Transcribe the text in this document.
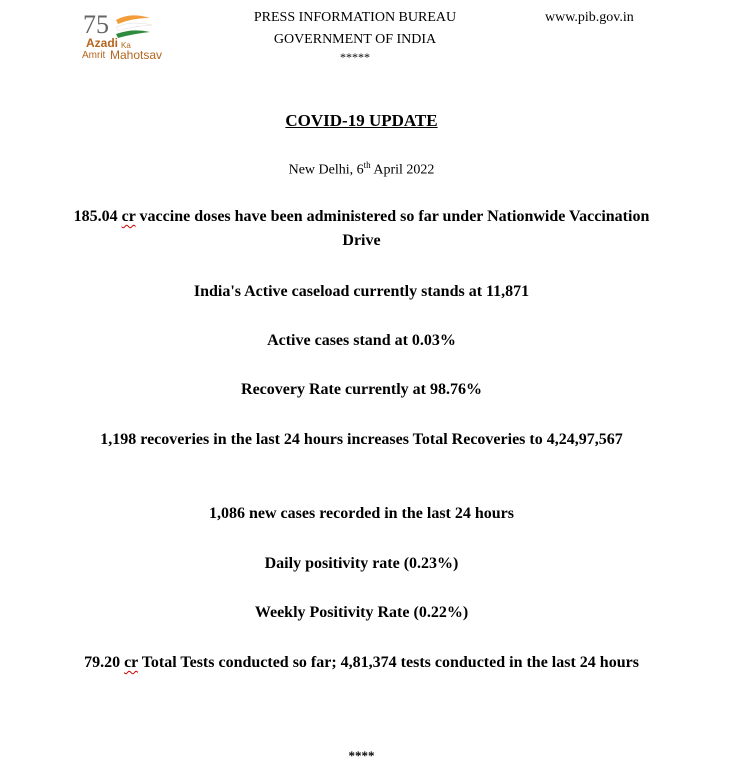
75
Azadi Ka
Amrit Mahotsav
PRESS INFORMATION BUREAU
GOVERNMENT OF INDIA
*****
www.pib.gov.in
COVID-19 UPDATE
New Delhi, 6th April 2022
185.04 cr vaccine doses have been administered so far under Nationwide Vaccination Drive
India's Active caseload currently stands at 11,871
Active cases stand at 0.03%
Recovery Rate currently at 98.76%
1,198 recoveries in the last 24 hours increases Total Recoveries to 4,24,97,567
1,086 new cases recorded in the last 24 hours
Daily positivity rate (0.23%)
Weekly Positivity Rate (0.22%)
79.20 cr Total Tests conducted so far; 4,81,374 tests conducted in the last 24 hours
****
